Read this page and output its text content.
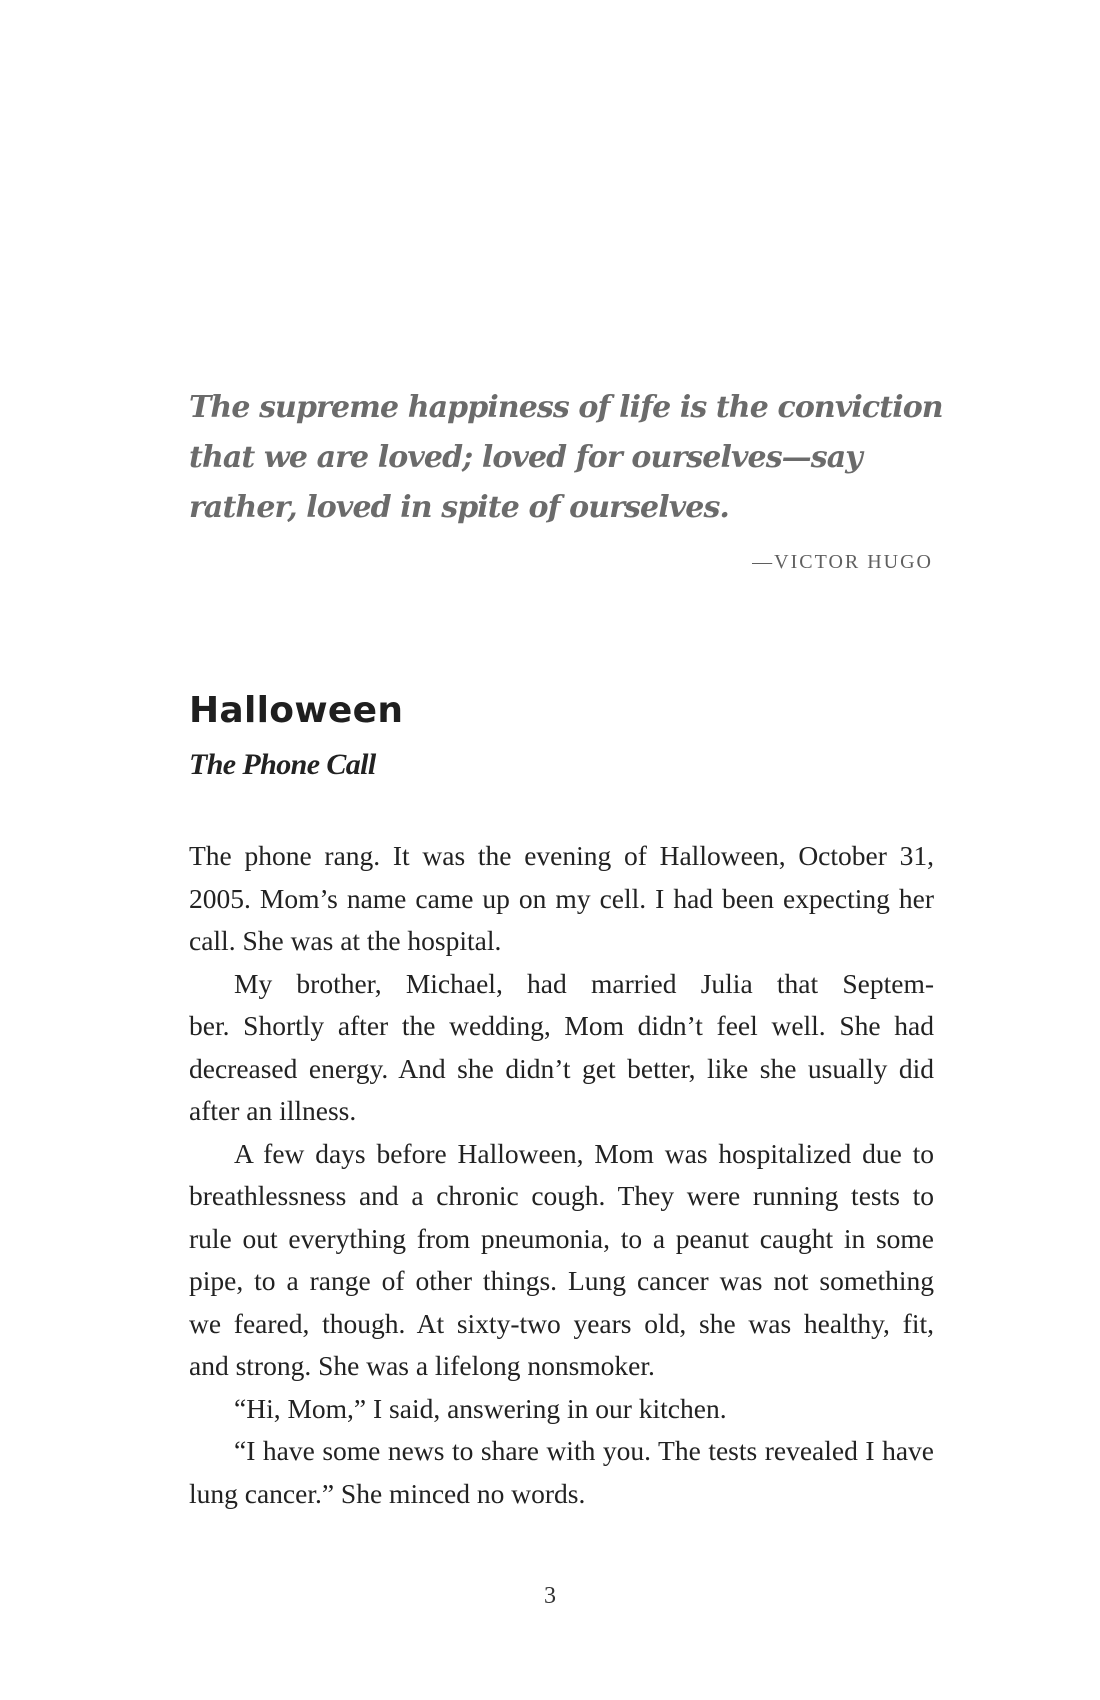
The supreme happiness of life is the conviction
that we are loved; loved for ourselves—say
rather, loved in spite of ourselves.
—VICTOR HUGO
Halloween
The Phone Call

The phone rang. It was the evening of Halloween, October 31,
2005. Mom’s name came up on my cell. I had been expecting her
call. She was at the hospital.

My brother, Michael, had married Julia that Septem-
ber. Shortly after the wedding, Mom didn’t feel well. She had
decreased energy. And she didn’t get better, like she usually did
after an illness.

A few days before Halloween, Mom was hospitalized due to
breathlessness and a chronic cough. They were running tests to
rule out everything from pneumonia, to a peanut caught in some
pipe, to a range of other things. Lung cancer was not something
we feared, though. At sixty-two years old, she was healthy, fit,
and strong. She was a lifelong nonsmoker.

“Hi, Mom,” I said, answering in our kitchen.

“I have some news to share with you. The tests revealed I have
lung cancer.” She minced no words.

3
